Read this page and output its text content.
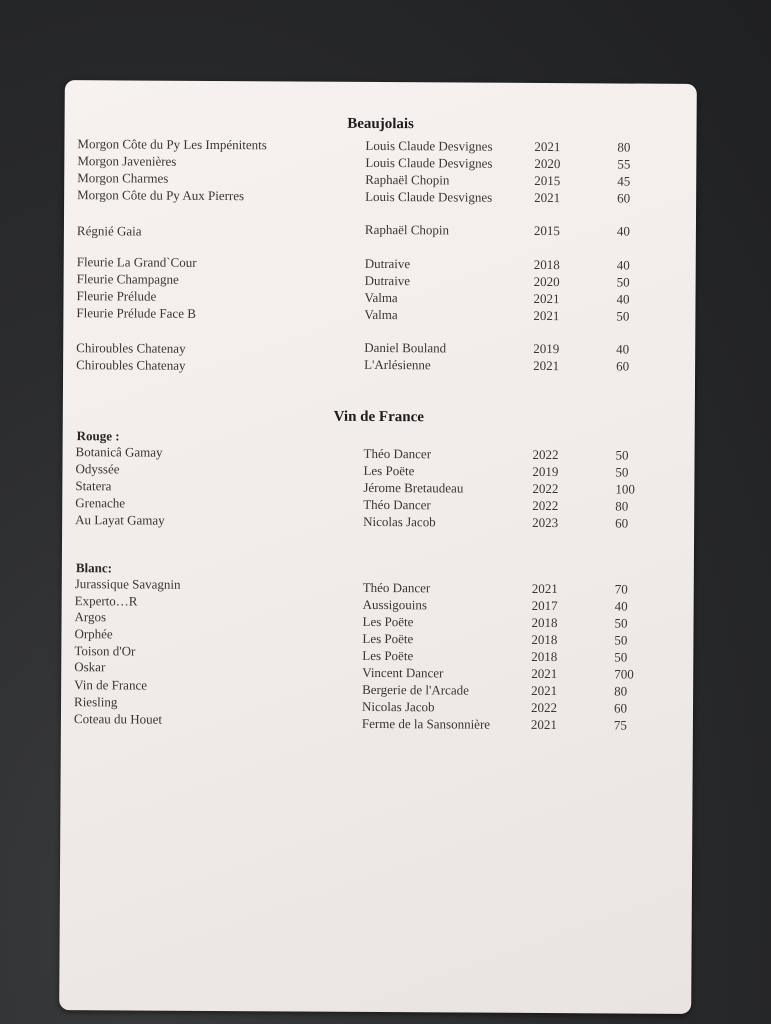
Beaujolais
Morgon Côte du Py Les Impénitents	Louis Claude Desvignes	2021	80
Morgon Javenières	Louis Claude Desvignes	2020	55
Morgon Charmes	Raphaël Chopin	2015	45
Morgon Côte du Py Aux Pierres	Louis Claude Desvignes	2021	60
Régnié Gaia	Raphaël Chopin	2015	40
Fleurie La Grand`Cour	Dutraive	2018	40
Fleurie Champagne	Dutraive	2020	50
Fleurie Prélude	Valma	2021	40
Fleurie Prélude Face B	Valma	2021	50
Chiroubles Chatenay	Daniel Bouland	2019	40
Chiroubles Chatenay	L'Arlésienne	2021	60
Vin de France
Rouge :
Botanicâ Gamay	Théo Dancer	2022	50
Odyssée	Les Poëte	2019	50
Statera	Jérome Bretaudeau	2022	100
Grenache	Théo Dancer	2022	80
Au Layat Gamay	Nicolas Jacob	2023	60
Blanc:
Jurassique Savagnin	Théo Dancer	2021	70
Experto…R	Aussigouins	2017	40
Argos	Les Poëte	2018	50
Orphée	Les Poëte	2018	50
Toison d'Or	Les Poëte	2018	50
Oskar	Vincent Dancer	2021	700
Vin de France	Bergerie de l'Arcade	2021	80
Riesling	Nicolas Jacob	2022	60
Coteau du Houet	Ferme de la Sansonnière	2021	75
